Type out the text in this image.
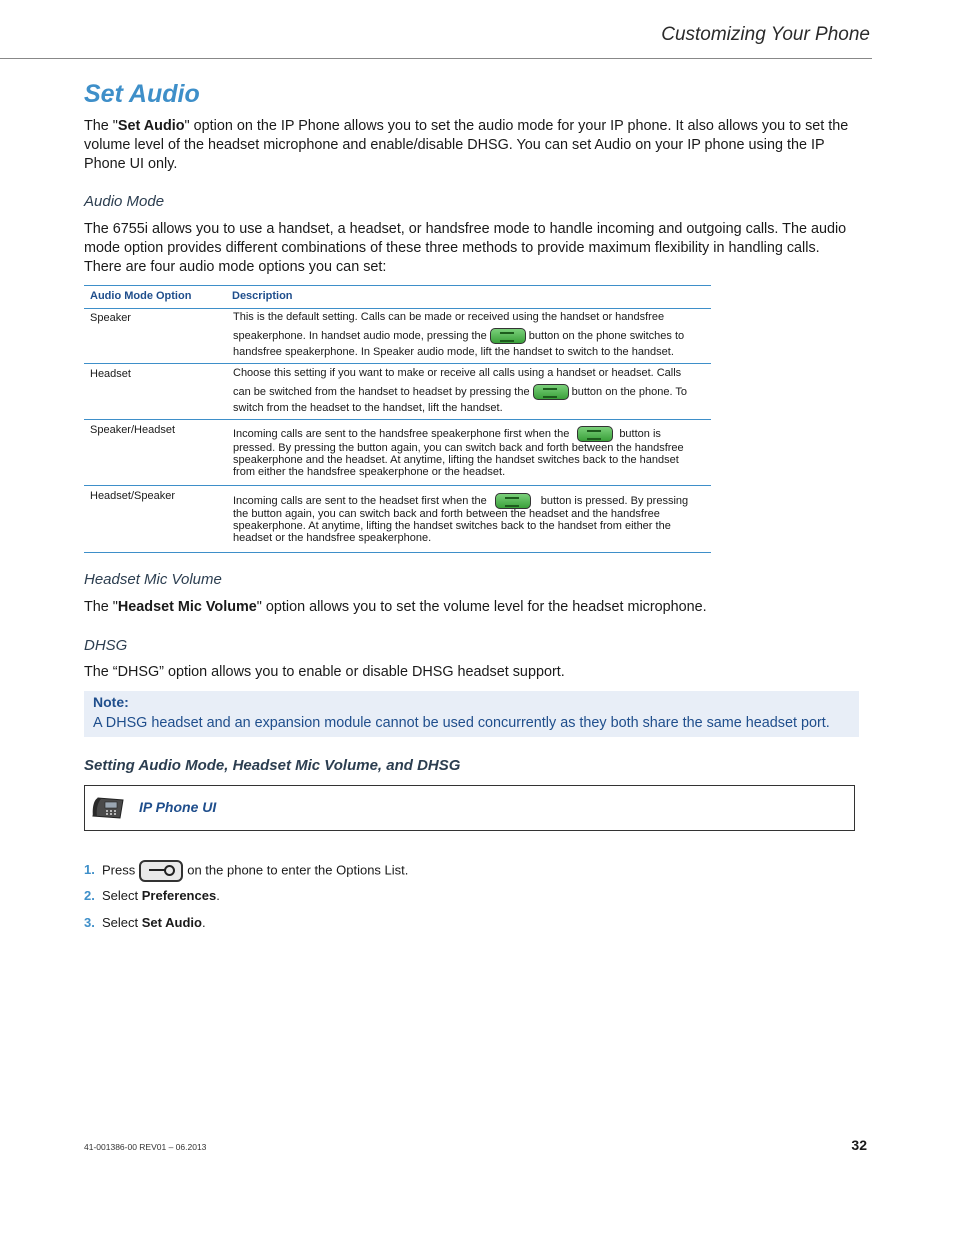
Customizing Your Phone
Set Audio
The "Set Audio" option on the IP Phone allows you to set the audio mode for your IP phone. It also allows you to set the
volume level of the headset microphone and enable/disable DHSG. You can set Audio on your IP phone using the IP
Phone UI only.
Audio Mode
The 6755i allows you to use a handset, a headset, or handsfree mode to handle incoming and outgoing calls. The audio
mode option provides different combinations of these three methods to provide maximum flexibility in handling calls.
There are four audio mode options you can set:
Audio Mode Option	Description
Speaker	This is the default setting. Calls can be made or received using the handset or handsfree
speakerphone. In handset audio mode, pressing the	button on the phone switches to
handsfree speakerphone. In Speaker audio mode, lift the handset to switch to the handset.
Headset	Choose this setting if you want to make or receive all calls using a handset or headset. Calls
can be switched from the handset to headset by pressing the	button on the phone. To
switch from the headset to the handset, lift the handset.
Speaker/Headset	Incoming calls are sent to the handsfree speakerphone first when the	button is
pressed. By pressing the button again, you can switch back and forth between the handsfree
speakerphone and the headset. At anytime, lifting the handset switches back to the handset
from either the handsfree speakerphone or the headset.
Headset/Speaker	Incoming calls are sent to the headset first when the	button is pressed. By pressing
the button again, you can switch back and forth between the headset and the handsfree
speakerphone. At anytime, lifting the handset switches back to the handset from either the
headset or the handsfree speakerphone.
Headset Mic Volume
The "Headset Mic Volume" option allows you to set the volume level for the headset microphone.
DHSG
The “DHSG” option allows you to enable or disable DHSG headset support.
Note:
A DHSG headset and an expansion module cannot be used concurrently as they both share the same headset port.
Setting Audio Mode, Headset Mic Volume, and DHSG
IP Phone UI
1. Press	on the phone to enter the Options List.
2. Select Preferences.
3. Select Set Audio.
41-001386-00 REV01 – 06.2013	32
